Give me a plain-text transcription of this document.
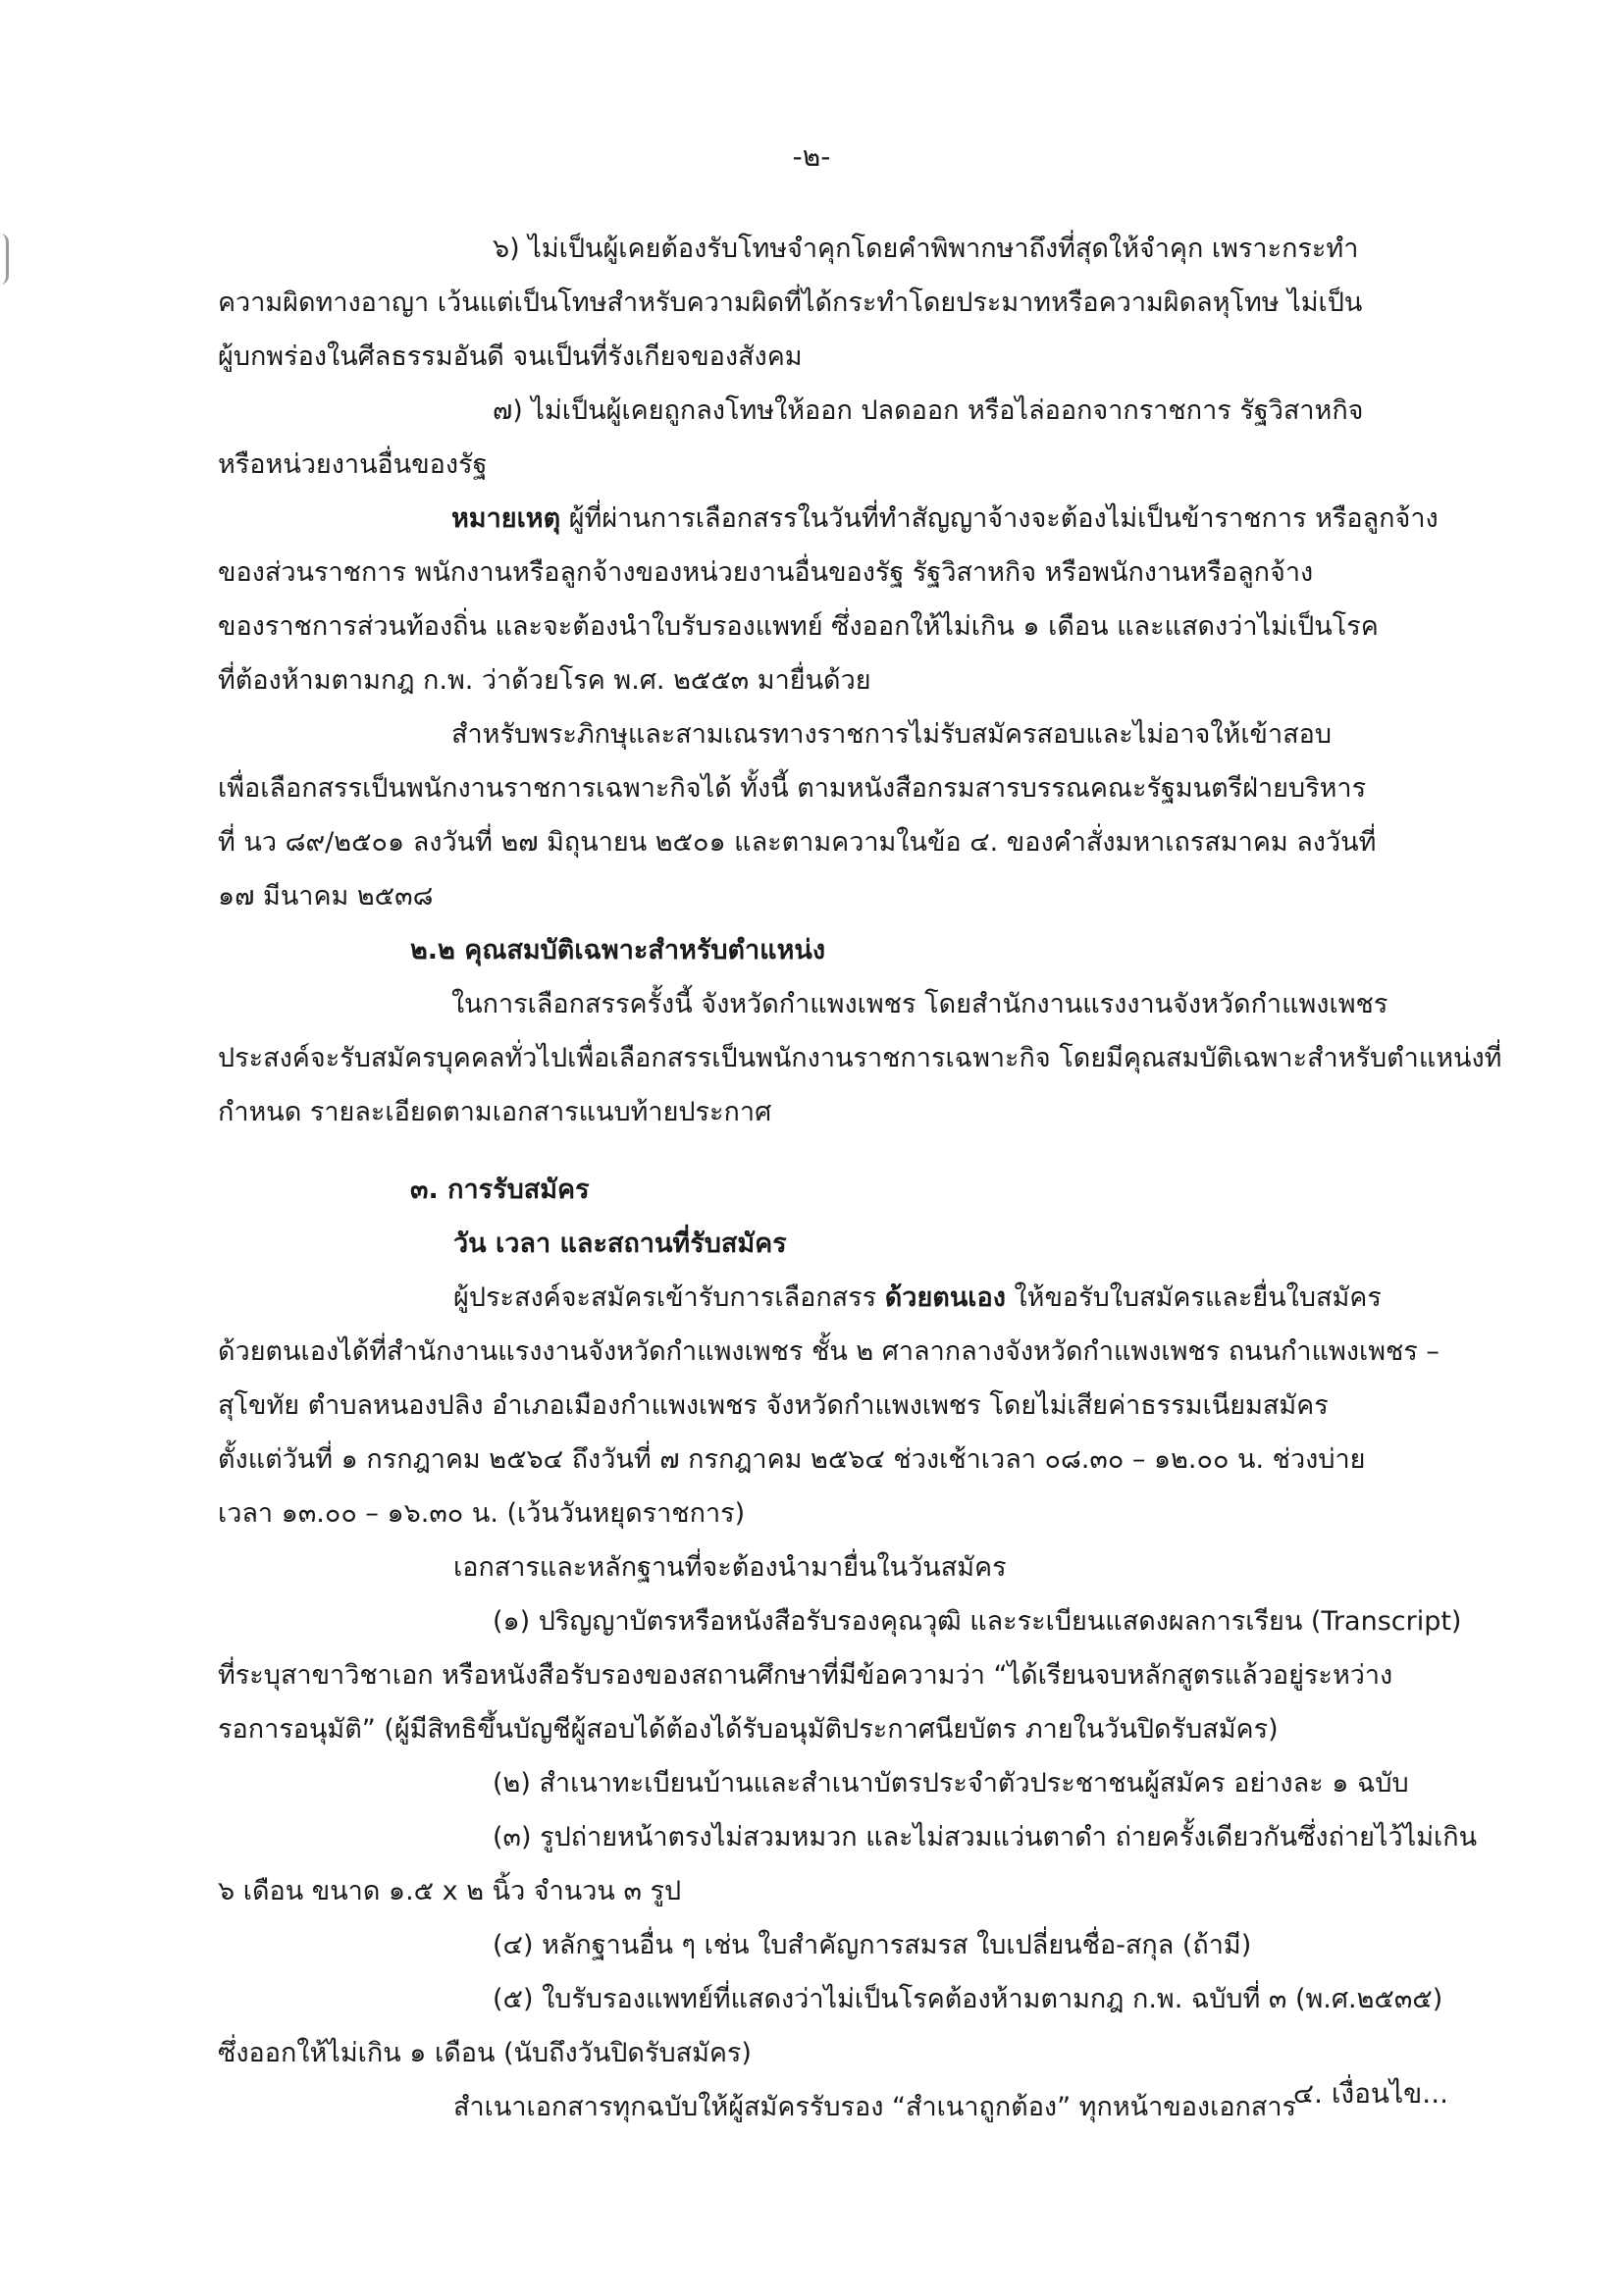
-๒-
๖) ไม่เป็นผู้เคยต้องรับโทษจำคุกโดยคำพิพากษาถึงที่สุดให้จำคุก เพราะกระทำ
ความผิดทางอาญา เว้นแต่เป็นโทษสำหรับความผิดที่ได้กระทำโดยประมาทหรือความผิดลหุโทษ ไม่เป็น
ผู้บกพร่องในศีลธรรมอันดี จนเป็นที่รังเกียจของสังคม
๗) ไม่เป็นผู้เคยถูกลงโทษให้ออก ปลดออก หรือไล่ออกจากราชการ รัฐวิสาหกิจ
หรือหน่วยงานอื่นของรัฐ
หมายเหตุ ผู้ที่ผ่านการเลือกสรรในวันที่ทำสัญญาจ้างจะต้องไม่เป็นข้าราชการ หรือลูกจ้าง
ของส่วนราชการ พนักงานหรือลูกจ้างของหน่วยงานอื่นของรัฐ รัฐวิสาหกิจ หรือพนักงานหรือลูกจ้าง
ของราชการส่วนท้องถิ่น และจะต้องนำใบรับรองแพทย์ ซึ่งออกให้ไม่เกิน ๑ เดือน และแสดงว่าไม่เป็นโรค
ที่ต้องห้ามตามกฎ ก.พ. ว่าด้วยโรค พ.ศ. ๒๕๕๓ มายื่นด้วย
สำหรับพระภิกษุและสามเณรทางราชการไม่รับสมัครสอบและไม่อาจให้เข้าสอบ
เพื่อเลือกสรรเป็นพนักงานราชการเฉพาะกิจได้ ทั้งนี้ ตามหนังสือกรมสารบรรณคณะรัฐมนตรีฝ่ายบริหาร
ที่ นว ๘๙/๒๕๐๑ ลงวันที่ ๒๗ มิถุนายน ๒๕๐๑ และตามความในข้อ ๔. ของคำสั่งมหาเถรสมาคม ลงวันที่
๑๗ มีนาคม ๒๕๓๘
๒.๒ คุณสมบัติเฉพาะสำหรับตำแหน่ง
ในการเลือกสรรครั้งนี้ จังหวัดกำแพงเพชร โดยสำนักงานแรงงานจังหวัดกำแพงเพชร
ประสงค์จะรับสมัครบุคคลทั่วไปเพื่อเลือกสรรเป็นพนักงานราชการเฉพาะกิจ โดยมีคุณสมบัติเฉพาะสำหรับตำแหน่งที่
กำหนด รายละเอียดตามเอกสารแนบท้ายประกาศ
๓. การรับสมัคร
วัน เวลา และสถานที่รับสมัคร
ผู้ประสงค์จะสมัครเข้ารับการเลือกสรร ด้วยตนเอง ให้ขอรับใบสมัครและยื่นใบสมัคร
ด้วยตนเองได้ที่สำนักงานแรงงานจังหวัดกำแพงเพชร ชั้น ๒ ศาลากลางจังหวัดกำแพงเพชร ถนนกำแพงเพชร –
สุโขทัย ตำบลหนองปลิง อำเภอเมืองกำแพงเพชร จังหวัดกำแพงเพชร โดยไม่เสียค่าธรรมเนียมสมัคร
ตั้งแต่วันที่ ๑ กรกฎาคม ๒๕๖๔ ถึงวันที่ ๗ กรกฎาคม ๒๕๖๔ ช่วงเช้าเวลา ๐๘.๓๐ – ๑๒.๐๐ น. ช่วงบ่าย
เวลา ๑๓.๐๐ – ๑๖.๓๐ น. (เว้นวันหยุดราชการ)
เอกสารและหลักฐานที่จะต้องนำมายื่นในวันสมัคร
(๑) ปริญญาบัตรหรือหนังสือรับรองคุณวุฒิ และระเบียนแสดงผลการเรียน (Transcript)
ที่ระบุสาขาวิชาเอก หรือหนังสือรับรองของสถานศึกษาที่มีข้อความว่า “ได้เรียนจบหลักสูตรแล้วอยู่ระหว่าง
รอการอนุมัติ” (ผู้มีสิทธิขึ้นบัญชีผู้สอบได้ต้องได้รับอนุมัติประกาศนียบัตร ภายในวันปิดรับสมัคร)
(๒) สำเนาทะเบียนบ้านและสำเนาบัตรประจำตัวประชาชนผู้สมัคร อย่างละ ๑ ฉบับ
(๓) รูปถ่ายหน้าตรงไม่สวมหมวก และไม่สวมแว่นตาดำ ถ่ายครั้งเดียวกันซึ่งถ่ายไว้ไม่เกิน
๖ เดือน ขนาด ๑.๕ x ๒ นิ้ว จำนวน ๓ รูป
(๔) หลักฐานอื่น ๆ เช่น ใบสำคัญการสมรส ใบเปลี่ยนชื่อ-สกุล (ถ้ามี)
(๕) ใบรับรองแพทย์ที่แสดงว่าไม่เป็นโรคต้องห้ามตามกฎ ก.พ. ฉบับที่ ๓ (พ.ศ.๒๕๓๕)
ซึ่งออกให้ไม่เกิน ๑ เดือน (นับถึงวันปิดรับสมัคร)
สำเนาเอกสารทุกฉบับให้ผู้สมัครรับรอง “สำเนาถูกต้อง” ทุกหน้าของเอกสาร
๔. เงื่อนไข...
